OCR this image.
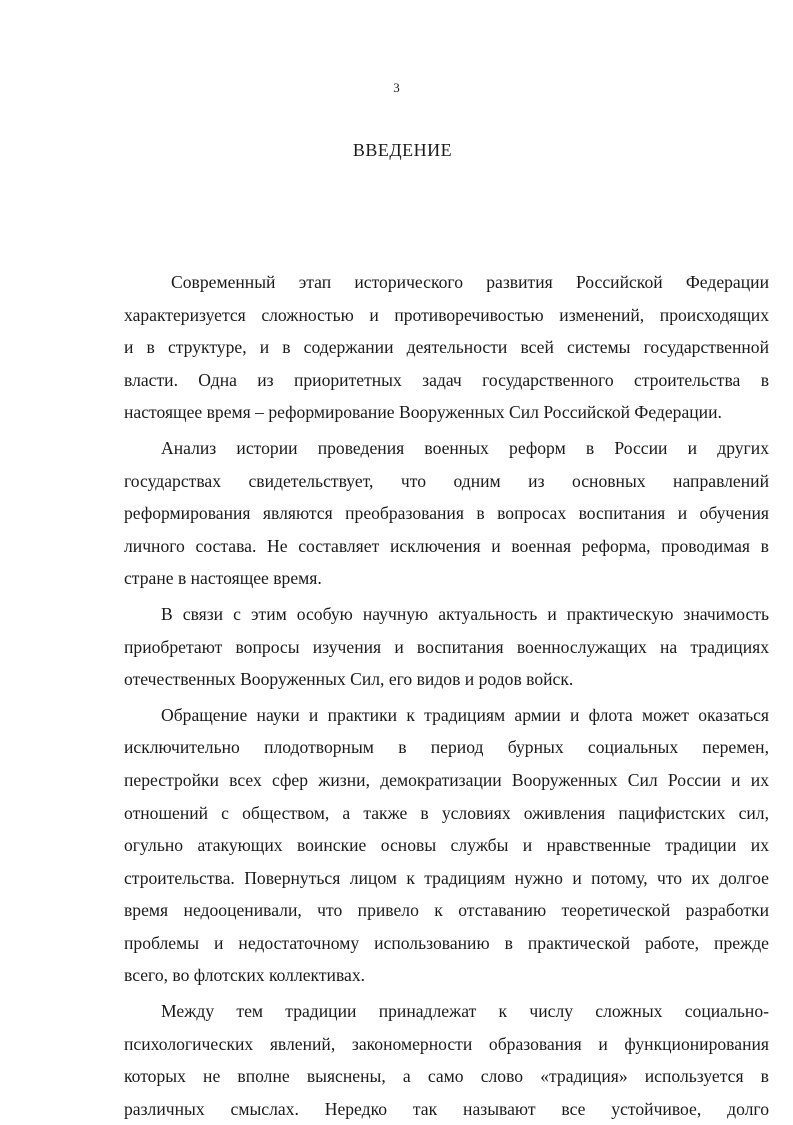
3
ВВЕДЕНИЕ
Современный этап исторического развития Российской Федерации
характеризуется сложностью и противоречивостью изменений, происходящих
и в структуре, и в содержании деятельности всей системы государственной
власти. Одна из приоритетных задач государственного строительства в
настоящее время – реформирование Вооруженных Сил Российской Федерации.
Анализ истории проведения военных реформ в России и других
государствах свидетельствует, что одним из основных направлений
реформирования являются преобразования в вопросах воспитания и обучения
личного состава. Не составляет исключения и военная реформа, проводимая в
стране в настоящее время.
В связи с этим особую научную актуальность и практическую значимость
приобретают вопросы изучения и воспитания военнослужащих на традициях
отечественных Вооруженных Сил, его видов и родов войск.
Обращение науки и практики к традициям армии и флота может оказаться
исключительно плодотворным в период бурных социальных перемен,
перестройки всех сфер жизни, демократизации Вооруженных Сил России и их
отношений с обществом, а также в условиях оживления пацифистских сил,
огульно атакующих воинские основы службы и нравственные традиции их
строительства. Повернуться лицом к традициям нужно и потому, что их долгое
время недооценивали, что привело к отставанию теоретической разработки
проблемы и недостаточному использованию в практической работе, прежде
всего, во флотских коллективах.
Между тем традиции принадлежат к числу сложных социально-
психологических явлений, закономерности образования и функционирования
которых не вполне выяснены, а само слово «традиция» используется в
различных смыслах. Нередко так называют все устойчивое, долго
